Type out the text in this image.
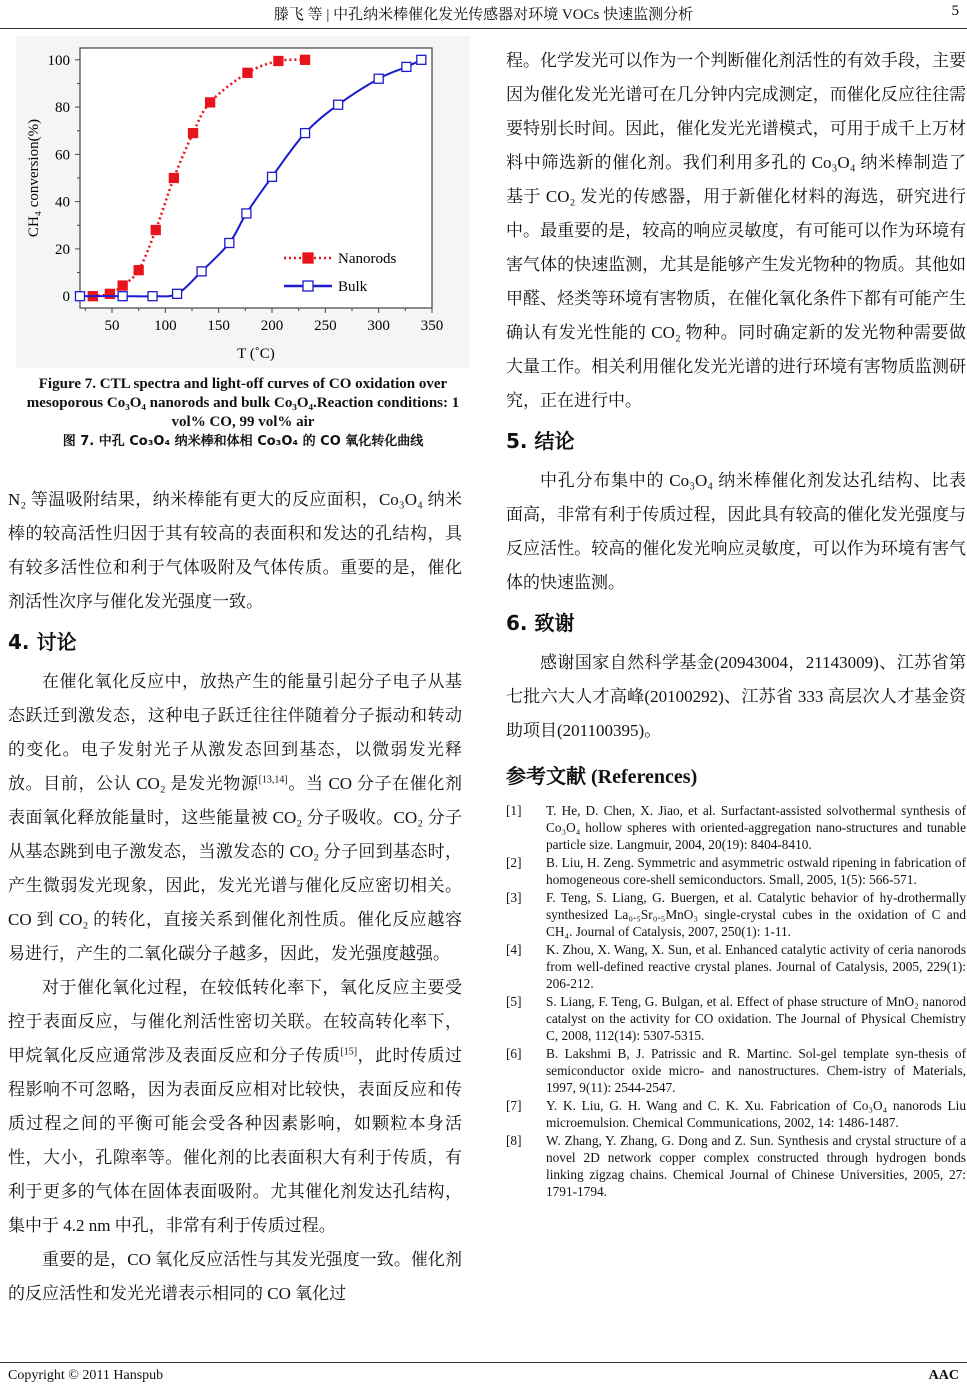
滕飞 等 | 中孔纳米棒催化发光传感器对环境 VOCs 快速监测分析	5
50 100 150 200 250 300 350
0
20
40
60
80
100
T (˚C)
CH₄ conversion(%)
Nanorods
Bulk
Figure 7. CTL spectra and light-off curves of CO oxidation over mesoporous Co₃O₄ nanorods and bulk Co₃O₄.Reaction conditions: 1 vol% CO, 99 vol% air
图 7. 中孔 Co₃O₄ 纳米棒和体相 Co₃O₄ 的 CO 氧化转化曲线

N₂ 等温吸附结果，纳米棒能有更大的反应面积，Co₃O₄ 纳米棒的较高活性归因于其有较高的表面积和发达的孔结构，具有较多活性位和利于气体吸附及气体传质。重要的是，催化剂活性次序与催化发光强度一致。

4. 讨论

在催化氧化反应中，放热产生的能量引起分子电子从基态跃迁到激发态，这种电子跃迁往往伴随着分子振动和转动的变化。电子发射光子从激发态回到基态，以微弱发光释放。目前，公认 CO₂ 是发光物源[13,14]。当 CO 分子在催化剂表面氧化释放能量时，这些能量被 CO₂ 分子吸收。CO₂ 分子从基态跳到电子激发态，当激发态的 CO₂ 分子回到基态时，产生微弱发光现象，因此，发光光谱与催化反应密切相关。CO 到 CO₂ 的转化，直接关系到催化剂性质。催化反应越容易进行，产生的二氧化碳分子越多，因此，发光强度越强。

对于催化氧化过程，在较低转化率下，氧化反应主要受控于表面反应，与催化剂活性密切关联。在较高转化率下，甲烷氧化反应通常涉及表面反应和分子传质[15]，此时传质过程影响不可忽略，因为表面反应相对比较快，表面反应和传质过程之间的平衡可能会受各种因素影响，如颗粒本身活性，大小，孔隙率等。催化剂的比表面积大有利于传质，有利于更多的气体在固体表面吸附。尤其催化剂发达孔结构，集中于 4.2 nm 中孔，非常有利于传质过程。

重要的是，CO 氧化反应活性与其发光强度一致。催化剂的反应活性和发光光谱表示相同的 CO 氧化过

程。化学发光可以作为一个判断催化剂活性的有效手段，主要因为催化发光光谱可在几分钟内完成测定，而催化反应往往需要特别长时间。因此，催化发光光谱模式，可用于成千上万材料中筛选新的催化剂。我们利用多孔的 Co₃O₄ 纳米棒制造了基于 CO₂ 发光的传感器，用于新催化材料的海选，研究进行中。最重要的是，较高的响应灵敏度，有可能可以作为环境有害气体的快速监测，尤其是能够产生发光物种的物质。其他如甲醛、烃类等环境有害物质，在催化氧化条件下都有可能产生确认有发光性能的 CO₂ 物种。同时确定新的发光物种需要做大量工作。相关利用催化发光光谱的进行环境有害物质监测研究，正在进行中。

5. 结论

中孔分布集中的 Co₃O₄ 纳米棒催化剂发达孔结构、比表面高，非常有利于传质过程，因此具有较高的催化发光强度与反应活性。较高的催化发光响应灵敏度，可以作为环境有害气体的快速监测。

6. 致谢

感谢国家自然科学基金(20943004，21143009)、江苏省第七批六大人才高峰(20100292)、江苏省 333 高层次人才基金资助项目(201100395)。

参考文献 (References)
[1]	T. He, D. Chen, X. Jiao, et al. Surfactant-assisted solvothermal synthesis of Co₃O₄ hollow spheres with oriented-aggregation nano-structures and tunable particle size. Langmuir, 2004, 20(19): 8404-8410.
[2]	B. Liu, H. Zeng. Symmetric and asymmetric ostwald ripening in fabrication of homogeneous core-shell semiconductors. Small, 2005, 1(5): 566-571.
[3]	F. Teng, S. Liang, G. Buergen, et al. Catalytic behavior of hy-drothermally synthesized La₀.₅Sr₀.₅MnO₃ single-crystal cubes in the oxidation of C and CH₄. Journal of Catalysis, 2007, 250(1): 1-11.
[4]	K. Zhou, X. Wang, X. Sun, et al. Enhanced catalytic activity of ceria nanorods from well-defined reactive crystal planes. Journal of Catalysis, 2005, 229(1): 206-212.
[5]	S. Liang, F. Teng, G. Bulgan, et al. Effect of phase structure of MnO₂ nanorod catalyst on the activity for CO oxidation. The Journal of Physical Chemistry C, 2008, 112(14): 5307-5315.
[6]	B. Lakshmi B, J. Patrissic and R. Martinc. Sol-gel template syn-thesis of semiconductor oxide micro- and nanostructures. Chem-istry of Materials, 1997, 9(11): 2544-2547.
[7]	Y. K. Liu, G. H. Wang and C. K. Xu. Fabrication of Co₃O₄ nanorods Liu microemulsion. Chemical Communications, 2002, 14: 1486-1487.
[8]	W. Zhang, Y. Zhang, G. Dong and Z. Sun. Synthesis and crystal structure of a novel 2D network copper complex constructed through hydrogen bonds linking zigzag chains. Chemical Journal of Chinese Universities, 2005, 27: 1791-1794.
Copyright © 2011 Hanspub	AAC
